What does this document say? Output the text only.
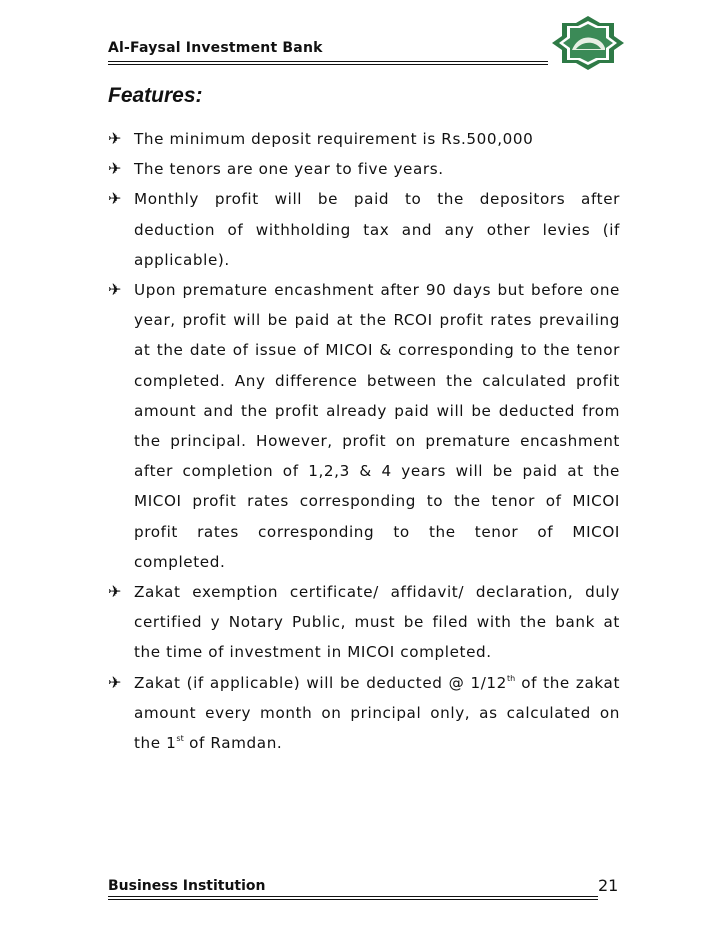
Al-Faysal Investment Bank
Features:
✈ The minimum deposit requirement is Rs.500,000
✈ The tenors are one year to five years.
✈ Monthly profit will be paid to the depositors after deduction of withholding tax and any other levies (if applicable).
✈ Upon premature encashment after 90 days but before one year, profit will be paid at the RCOI profit rates prevailing at the date of issue of MICOI & corresponding to the tenor completed. Any difference between the calculated profit amount and the profit already paid will be deducted from the principal. However, profit on premature encashment after completion of 1,2,3 & 4 years will be paid at the MICOI profit rates corresponding to the tenor of MICOI profit rates corresponding to the tenor of MICOI completed.
✈ Zakat exemption certificate/ affidavit/ declaration, duly certified y Notary Public, must be filed with the bank at the time of investment in MICOI completed.
✈ Zakat (if applicable) will be deducted @ 1/12th of the zakat amount every month on principal only, as calculated on the 1st of Ramdan.
Business Institution	21
